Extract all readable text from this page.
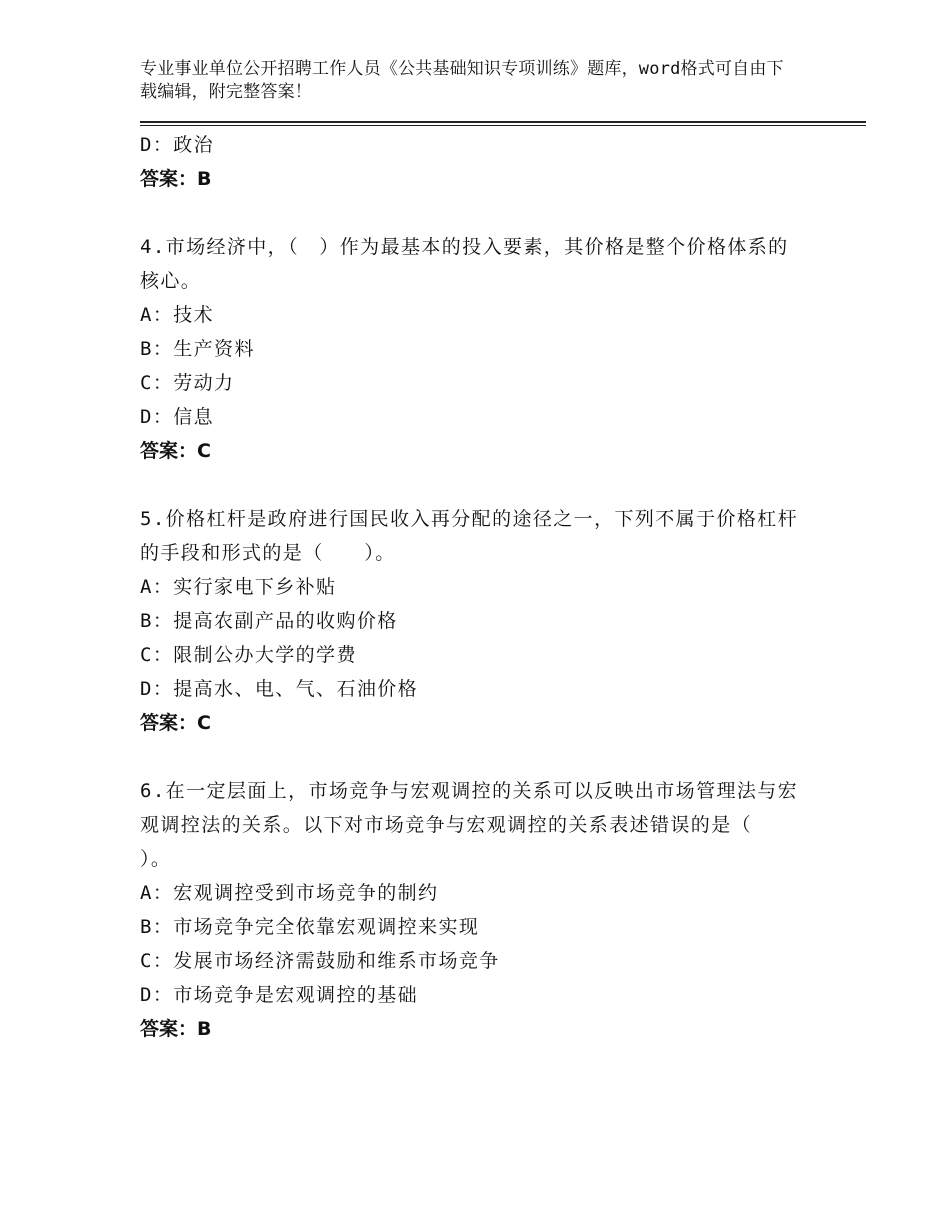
专业事业单位公开招聘工作人员《公共基础知识专项训练》题库，word格式可自由下载编辑，附完整答案！
D：政治
答案：B
4.市场经济中，（　）作为最基本的投入要素，其价格是整个价格体系的核心。
A：技术
B：生产资料
C：劳动力
D：信息
答案：C
5.价格杠杆是政府进行国民收入再分配的途径之一，下列不属于价格杠杆的手段和形式的是（　　）。
A：实行家电下乡补贴
B：提高农副产品的收购价格
C：限制公办大学的学费
D：提高水、电、气、石油价格
答案：C
6.在一定层面上，市场竞争与宏观调控的关系可以反映出市场管理法与宏观调控法的关系。以下对市场竞争与宏观调控的关系表述错误的是（　　）。
A：宏观调控受到市场竞争的制约
B：市场竞争完全依靠宏观调控来实现
C：发展市场经济需鼓励和维系市场竞争
D：市场竞争是宏观调控的基础
答案：B
